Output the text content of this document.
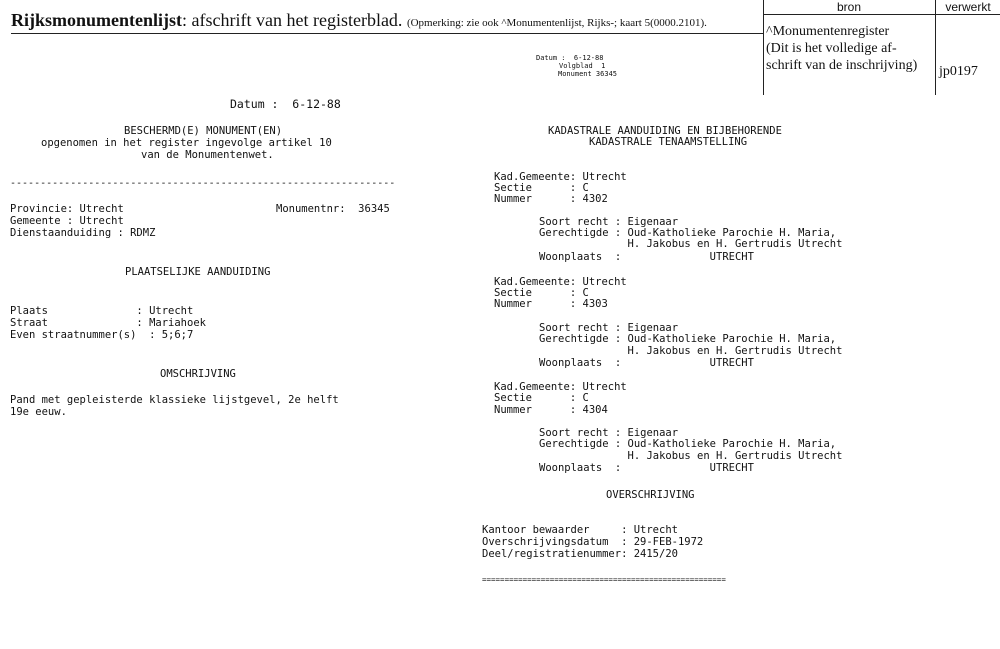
Rijksmonumentenlijst: afschrift van het registerblad. (Opmerking: zie ook ^Monumentenlijst, Rijks-; kaart 5(0000.2101).
bron	verwerkt
^Monumentenregister
(Dit is het volledige af-
schrift van de inschrijving)	jp0197
Datum :  6-12-88
Volgblad  1
Monument 36345
Datum :  6-12-88
BESCHERMD(E) MONUMENT(EN)
opgenomen in het register ingevolge artikel 10
van de Monumentenwet.
----------------------------------------------------------------
Provincie: Utrecht	Monumentnr:  36345
Gemeente : Utrecht
Dienstaanduiding : RDMZ
PLAATSELIJKE AANDUIDING
Plaats              : Utrecht
Straat              : Mariahoek
Even straatnummer(s)  : 5;6;7
OMSCHRIJVING
Pand met gepleisterde klassieke lijstgevel, 2e helft
19e eeuw.
KADASTRALE AANDUIDING EN BIJBEHORENDE
KADASTRALE TENAAMSTELLING
Kad.Gemeente: Utrecht
Sectie      : C
Nummer      : 4302
Soort recht : Eigenaar
Gerechtigde : Oud-Katholieke Parochie H. Maria,
H. Jakobus en H. Gertrudis Utrecht
Woonplaats  :              UTRECHT
Kad.Gemeente: Utrecht
Sectie      : C
Nummer      : 4303
Soort recht : Eigenaar
Gerechtigde : Oud-Katholieke Parochie H. Maria,
H. Jakobus en H. Gertrudis Utrecht
Woonplaats  :              UTRECHT
Kad.Gemeente: Utrecht
Sectie      : C
Nummer      : 4304
Soort recht : Eigenaar
Gerechtigde : Oud-Katholieke Parochie H. Maria,
H. Jakobus en H. Gertrudis Utrecht
Woonplaats  :              UTRECHT
OVERSCHRIJVING
Kantoor bewaarder     : Utrecht
Overschrijvingsdatum  : 29-FEB-1972
Deel/registratienummer: 2415/20
======================================================
